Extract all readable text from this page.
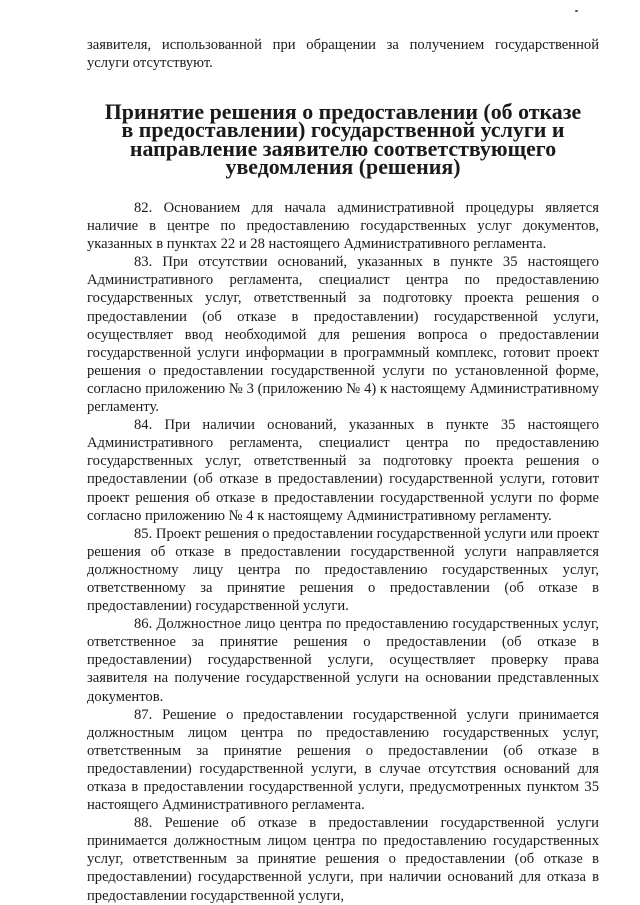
заявителя, использованной при обращении за получением государственной услуги отсутствуют.

Принятие решения о предоставлении (об отказе в предоставлении) государственной услуги и направление заявителю соответствующего уведомления (решения)

82. Основанием для начала административной процедуры является наличие в центре по предоставлению государственных услуг документов, указанных в пунктах 22 и 28 настоящего Административного регламента.

83. При отсутствии оснований, указанных в пункте 35 настоящего Административного регламента, специалист центра по предоставлению государственных услуг, ответственный за подготовку проекта решения о предоставлении (об отказе в предоставлении) государственной услуги, осуществляет ввод необходимой для решения вопроса о предоставлении государственной услуги информации в программный комплекс, готовит проект решения о предоставлении государственной услуги по установленной форме, согласно приложению № 3 (приложению № 4) к настоящему Административному регламенту.

84. При наличии оснований, указанных в пункте 35 настоящего Административного регламента, специалист центра по предоставлению государственных услуг, ответственный за подготовку проекта решения о предоставлении (об отказе в предоставлении) государственной услуги, готовит проект решения об отказе в предоставлении государственной услуги по форме согласно приложению № 4 к настоящему Административному регламенту.

85. Проект решения о предоставлении государственной услуги или проект решения об отказе в предоставлении государственной услуги направляется должностному лицу центра по предоставлению государственных услуг, ответственному за принятие решения о предоставлении (об отказе в предоставлении) государственной услуги.

86. Должностное лицо центра по предоставлению государственных услуг, ответственное за принятие решения о предоставлении (об отказе в предоставлении) государственной услуги, осуществляет проверку права заявителя на получение государственной услуги на основании представленных документов.

87. Решение о предоставлении государственной услуги принимается должностным лицом центра по предоставлению государственных услуг, ответственным за принятие решения о предоставлении (об отказе в предоставлении) государственной услуги, в случае отсутствия оснований для отказа в предоставлении государственной услуги, предусмотренных пунктом 35 настоящего Административного регламента.

88. Решение об отказе в предоставлении государственной услуги принимается должностным лицом центра по предоставлению государственных услуг, ответственным за принятие решения о предоставлении (об отказе в предоставлении) государственной услуги, при наличии оснований для отказа в предоставлении государственной услуги,
